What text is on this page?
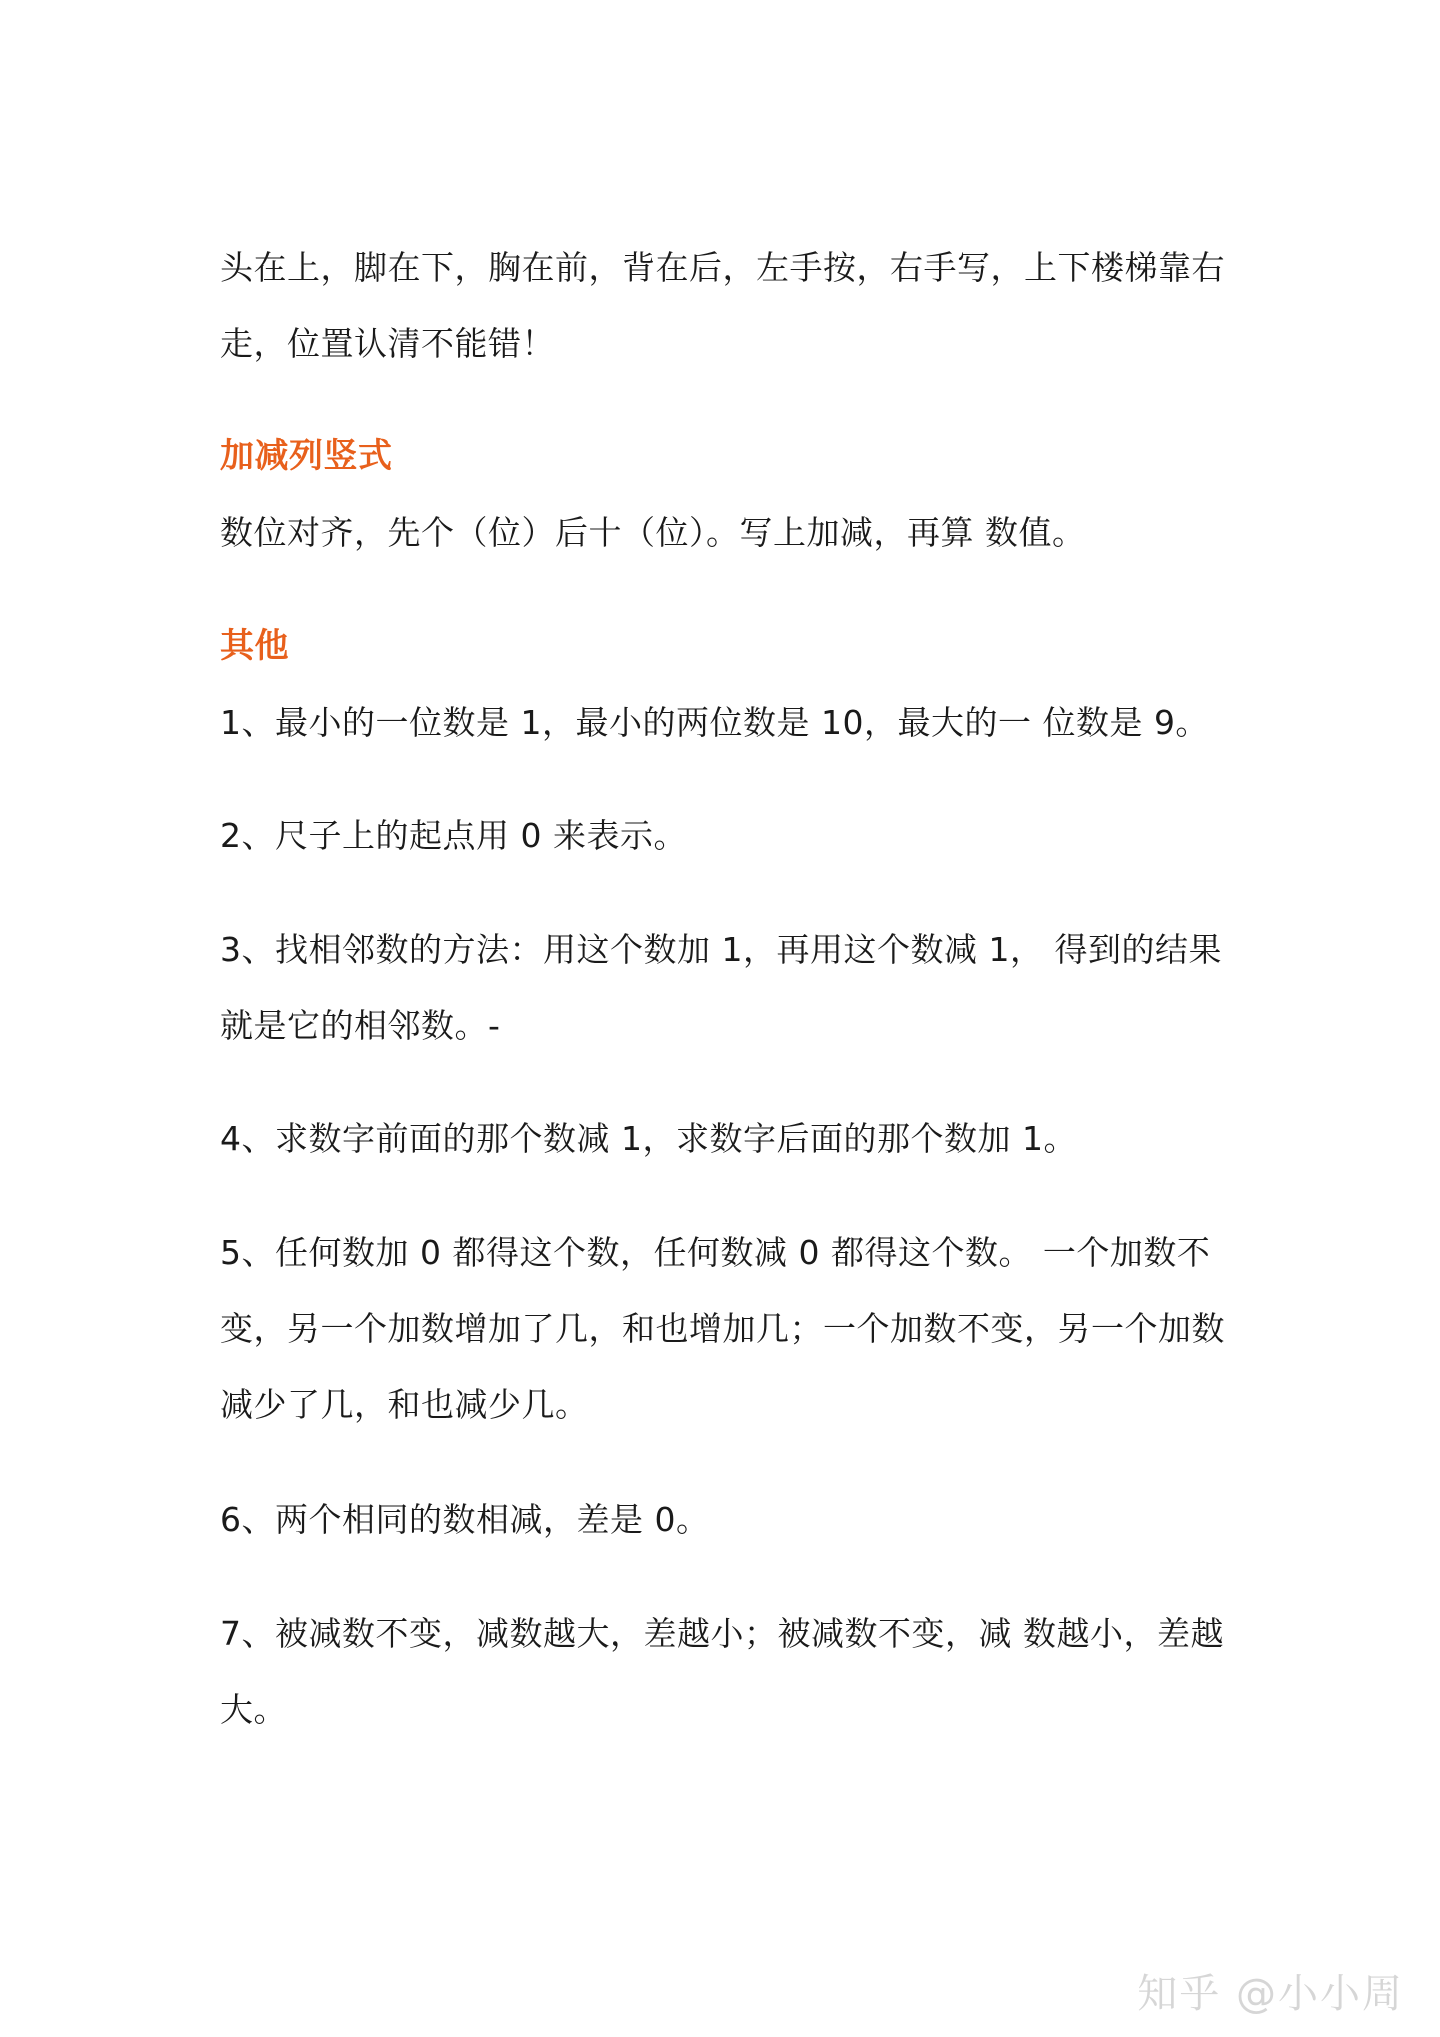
头在上，脚在下，胸在前，背在后，左手按，右手写，上下楼梯靠右走，位置认清不能错！

加减列竖式

数位对齐，先个（位）后十（位）。写上加减，再算 数值。

其他

1、最小的一位数是 1，最小的两位数是 10，最大的一 位数是 9。

2、尺子上的起点用 0 来表示。

3、找相邻数的方法：用这个数加 1，再用这个数减 1， 得到的结果就是它的相邻数。-

4、求数字前面的那个数减 1，求数字后面的那个数加 1。

5、任何数加 0 都得这个数，任何数减 0 都得这个数。 一个加数不变，另一个加数增加了几，和也增加几；一个加数不变，另一个加数减少了几，和也减少几。

6、两个相同的数相减，差是 0。

7、被减数不变，减数越大，差越小；被减数不变，减 数越小，差越大。

知乎 @小小周
